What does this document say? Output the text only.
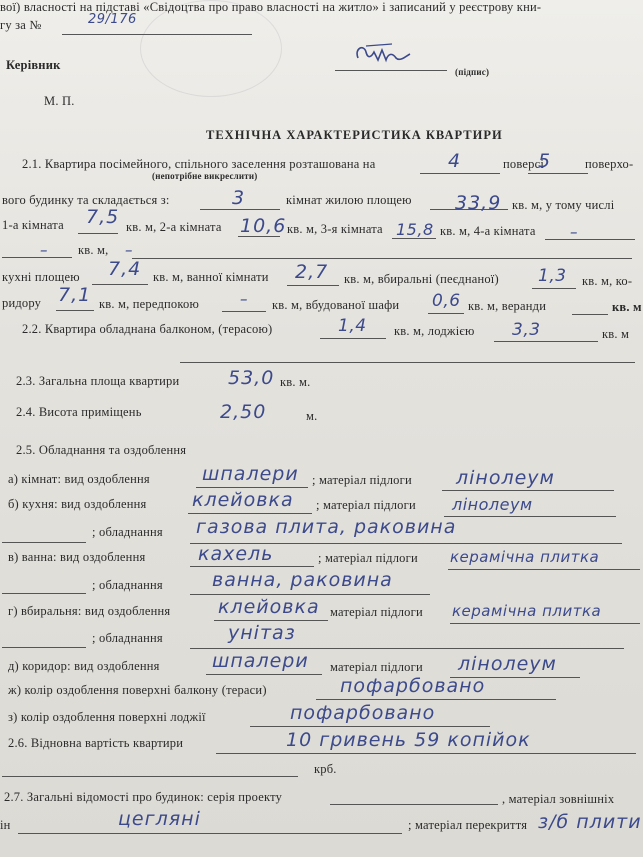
вої) власності на підставі «Свідоцтва про право власності на житло» і записаний у реєстрову кни-
гу за №	29/176
Керівник	(підпис)
М. П.
ТЕХНІЧНА ХАРАКТЕРИСТИКА КВАРТИРИ
2.1. Квартира посімейного, спільного заселення розташована на	4	поверсі
5	поверхо-
(непотрібне викреслити)
вого будинку та складається з:	3	кімнат жилою площею 33,9 кв. м, у тому числі
1-а кімната 7,5 кв. м, 2-а кімната 10,6 кв. м, 3-я кімната 15,8 кв. м, 4-а кімната –
– кв. м, –
кухні площею 7,4 кв. м, ванної кімнати 2,7 кв. м, вбиральні (пеєднаної) 1,3 кв. м, ко-
ридору 7,1 кв. м, передпокою	– кв. м, вбудованої шафи 0,6 кв. м, веранди	кв. м
2.2. Квартира обладнана балконом, (терасою)	1,4 кв. м, лоджією 3,3	кв. м
2.3. Загальна площа квартири	53,0 кв. м.
2.4. Висота приміщень	2,50	м.
2.5. Обладнання та оздоблення
а) кімнат: вид оздоблення	шпалери ; матеріал підлоги лінолеум
б) кухня: вид оздоблення клейовка ; матеріал підлоги лінолеум
; обладнання газова плита, раковина
в) ванна: вид оздоблення	кахель	; матеріал підлоги керамічна плитка
; обладнання	ванна, раковина
г) вбиральня: вид оздоблення	клейовка матеріал підлоги керамічна плитка
; обладнання	унітаз
д) коридор: вид оздоблення	шпалери матеріал підлоги лінолеум
ж) колір оздоблення поверхні балкону (тераси)	пофарбовано
з) колір оздоблення поверхні лоджії	пофарбовано
2.6. Відновна вартість квартири	10 гривень 59 копійок
крб.
2.7. Загальні відомості про будинок: серія проекту	, матеріал зовнішніх
ін	цегляні	; матеріал перекриття з/б плити
